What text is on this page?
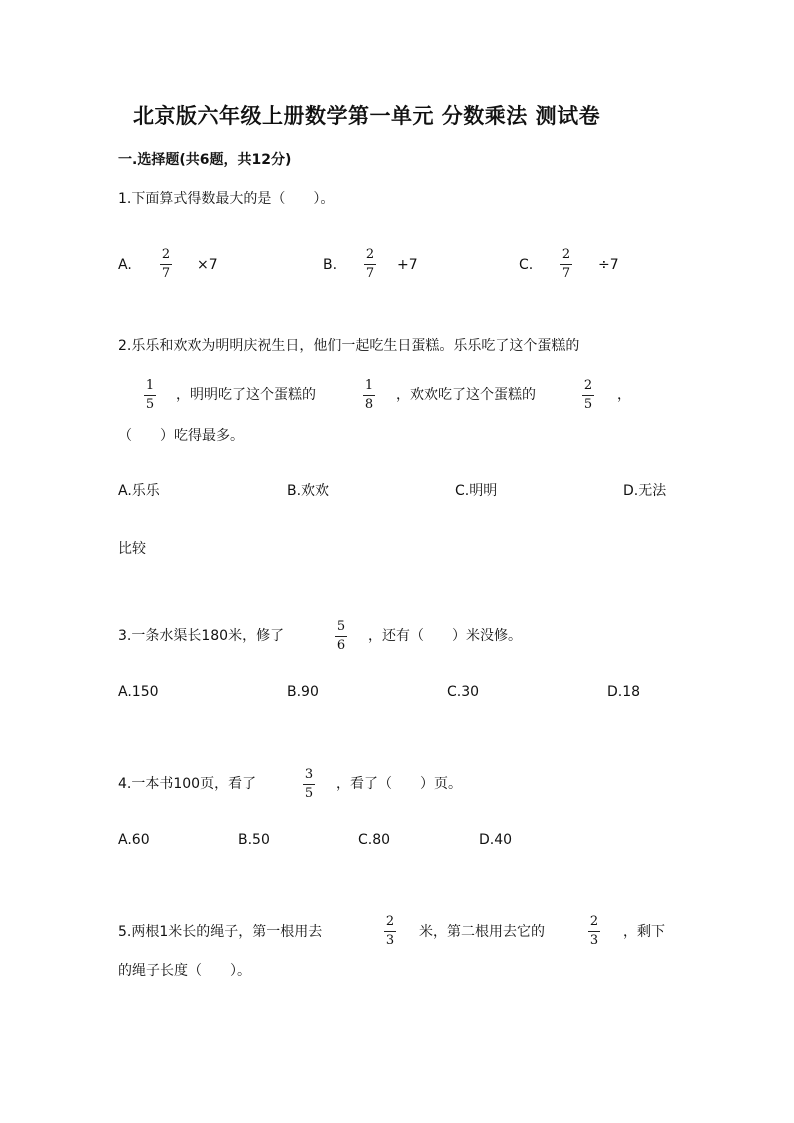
北京版六年级上册数学第一单元 分数乘法 测试卷
一.选择题(共6题，共12分)
1.下面算式得数最大的是（　　）。
A.
2
7
×7	B.
2
7
+7	C.
2
7
÷7
2.乐乐和欢欢为明明庆祝生日，他们一起吃生日蛋糕。乐乐吃了这个蛋糕的
1
5
，明明吃了这个蛋糕的
1
8
，欢欢吃了这个蛋糕的
2
5
，
（　　）吃得最多。
A.乐乐	B.欢欢	C.明明	D.无法
比较
3.一条水渠长180米，修了
5
6
，还有（　　）米没修。
A.150	B.90	C.30	D.18
4.一本书100页，看了
3
5
，看了（　　）页。
A.60	B.50	C.80	D.40
5.两根1米长的绳子，第一根用去
2
3
米，第二根用去它的
2
3
，剩下
的绳子长度（　　）。
